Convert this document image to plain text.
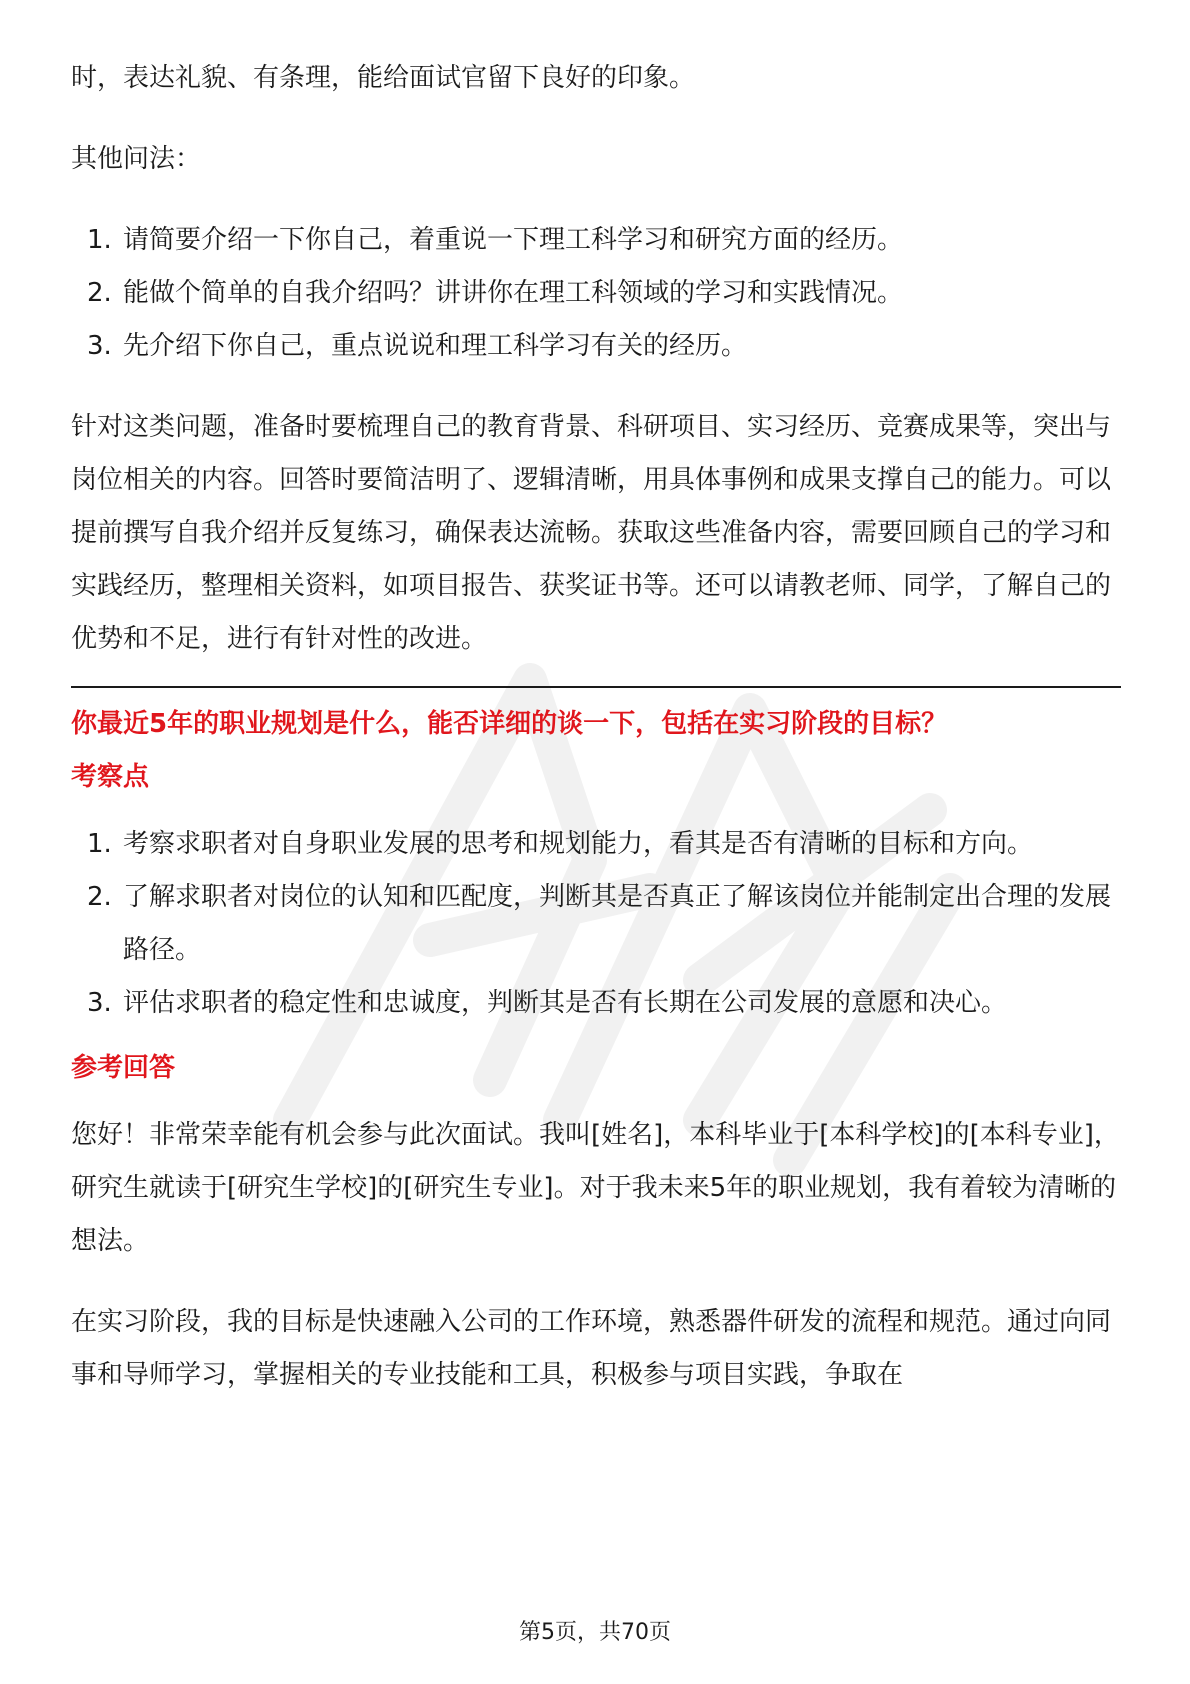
时，表达礼貌、有条理，能给面试官留下良好的印象。

其他问法：

1. 请简要介绍一下你自己，着重说一下理工科学习和研究方面的经历。
2. 能做个简单的自我介绍吗？讲讲你在理工科领域的学习和实践情况。
3. 先介绍下你自己，重点说说和理工科学习有关的经历。

针对这类问题，准备时要梳理自己的教育背景、科研项目、实习经历、竞赛成果等，突出与岗位相关的内容。回答时要简洁明了、逻辑清晰，用具体事例和成果支撑自己的能力。可以提前撰写自我介绍并反复练习，确保表达流畅。获取这些准备内容，需要回顾自己的学习和实践经历，整理相关资料，如项目报告、获奖证书等。还可以请教老师、同学，了解自己的优势和不足，进行有针对性的改进。

你最近5年的职业规划是什么，能否详细的谈一下，包括在实习阶段的目标？
考察点
1. 考察求职者对自身职业发展的思考和规划能力，看其是否有清晰的目标和方向。
2. 了解求职者对岗位的认知和匹配度，判断其是否真正了解该岗位并能制定出合理的发展路径。
3. 评估求职者的稳定性和忠诚度，判断其是否有长期在公司发展的意愿和决心。
参考回答

您好！非常荣幸能有机会参与此次面试。我叫[姓名]，本科毕业于[本科学校]的[本科专业]，研究生就读于[研究生学校]的[研究生专业]。对于我未来5年的职业规划，我有着较为清晰的想法。

在实习阶段，我的目标是快速融入公司的工作环境，熟悉器件研发的流程和规范。通过向同事和导师学习，掌握相关的专业技能和工具，积极参与项目实践，争取在

第5页，共70页
